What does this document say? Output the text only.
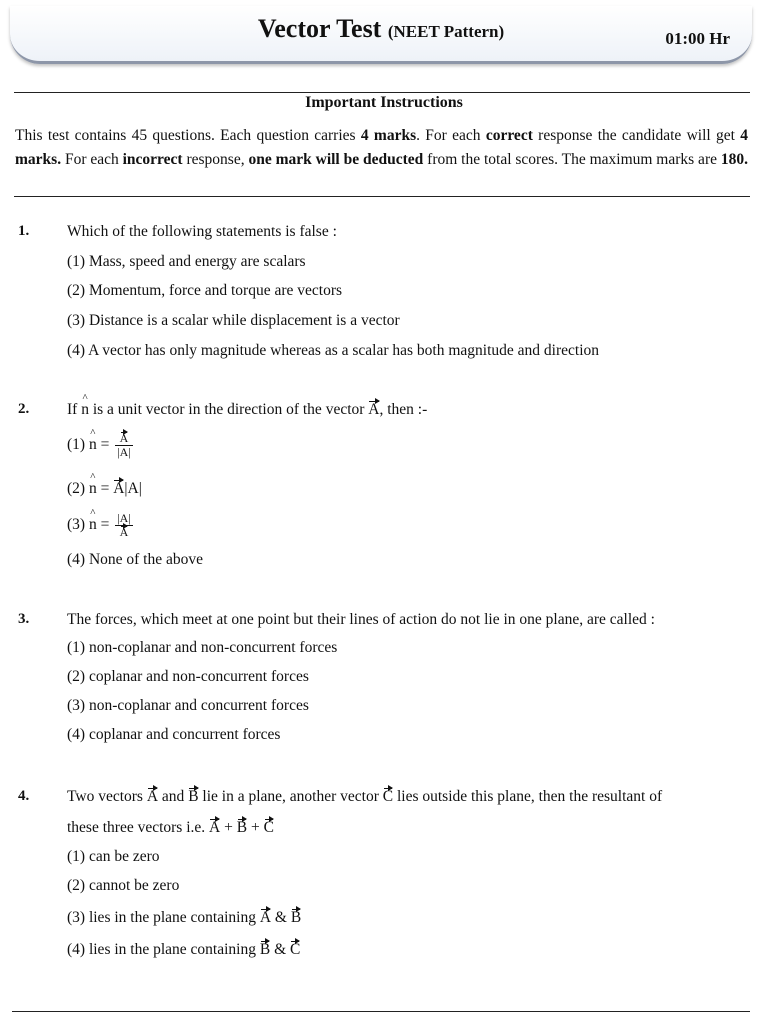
Vector Test (NEET Pattern)	01:00 Hr
Important Instructions
This test contains 45 questions. Each question carries 4 marks. For each correct response the candidate will get 4 marks. For each incorrect response, one mark will be deducted from the total scores. The maximum marks are 180.
1. Which of the following statements is false :
(1) Mass, speed and energy are scalars
(2) Momentum, force and torque are vectors
(3) Distance is a scalar while displacement is a vector
(4) A vector has only magnitude whereas as a scalar has both magnitude and direction
2. If ^ n is a unit vector in the direction of the vector A, then :-
(1) ^ $n = \frac{A}{|A|}$
(2) ^ n = A|A|
(3) ^ $n = \frac{|A|}{A}$
(4) None of the above
3. The forces, which meet at one point but their lines of action do not lie in one plane, are called :
(1) non-coplanar and non-concurrent forces
(2) coplanar and non-concurrent forces
(3) non-coplanar and concurrent forces
(4) coplanar and concurrent forces
4. Two vectors A and B lie in a plane, another vector C lies outside this plane, then the resultant of
these three vectors i.e. A + B + C
(1) can be zero
(2) cannot be zero
(3) lies in the plane containing A & B
(4) lies in the plane containing B & C
